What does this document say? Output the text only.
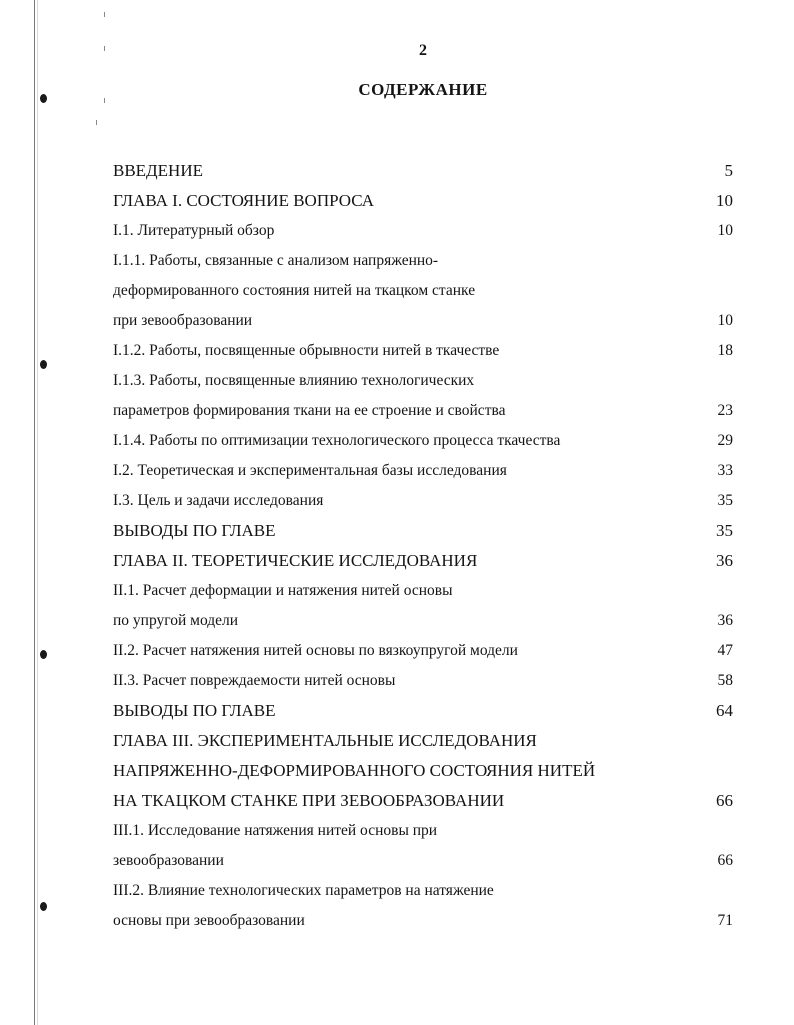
2
СОДЕРЖАНИЕ
ВВЕДЕНИЕ	5
ГЛАВА I. СОСТОЯНИЕ ВОПРОСА	10
I.1. Литературный обзор	10
I.1.1. Работы, связанные с анализом напряженно-
деформированного состояния нитей на ткацком станке
при зевообразовании	10
I.1.2. Работы, посвященные обрывности нитей в ткачестве	18
I.1.3. Работы, посвященные влиянию технологических
параметров формирования ткани на ее строение и свойства	23
I.1.4. Работы по оптимизации технологического процесса ткачества	29
I.2. Теоретическая и экспериментальная базы исследования	33
I.3. Цель и задачи исследования	35
ВЫВОДЫ ПО ГЛАВЕ	35
ГЛАВА II. ТЕОРЕТИЧЕСКИЕ ИССЛЕДОВАНИЯ	36
II.1. Расчет деформации и натяжения нитей основы
по упругой модели	36
II.2. Расчет натяжения нитей основы по вязкоупругой модели	47
II.3. Расчет повреждаемости нитей основы	58
ВЫВОДЫ ПО ГЛАВЕ	64
ГЛАВА III. ЭКСПЕРИМЕНТАЛЬНЫЕ ИССЛЕДОВАНИЯ
НАПРЯЖЕННО-ДЕФОРМИРОВАННОГО СОСТОЯНИЯ НИТЕЙ
НА ТКАЦКОМ СТАНКЕ ПРИ ЗЕВООБРАЗОВАНИИ	66
III.1. Исследование натяжения нитей основы при
зевообразовании	66
III.2. Влияние технологических параметров на натяжение
основы при зевообразовании	71
